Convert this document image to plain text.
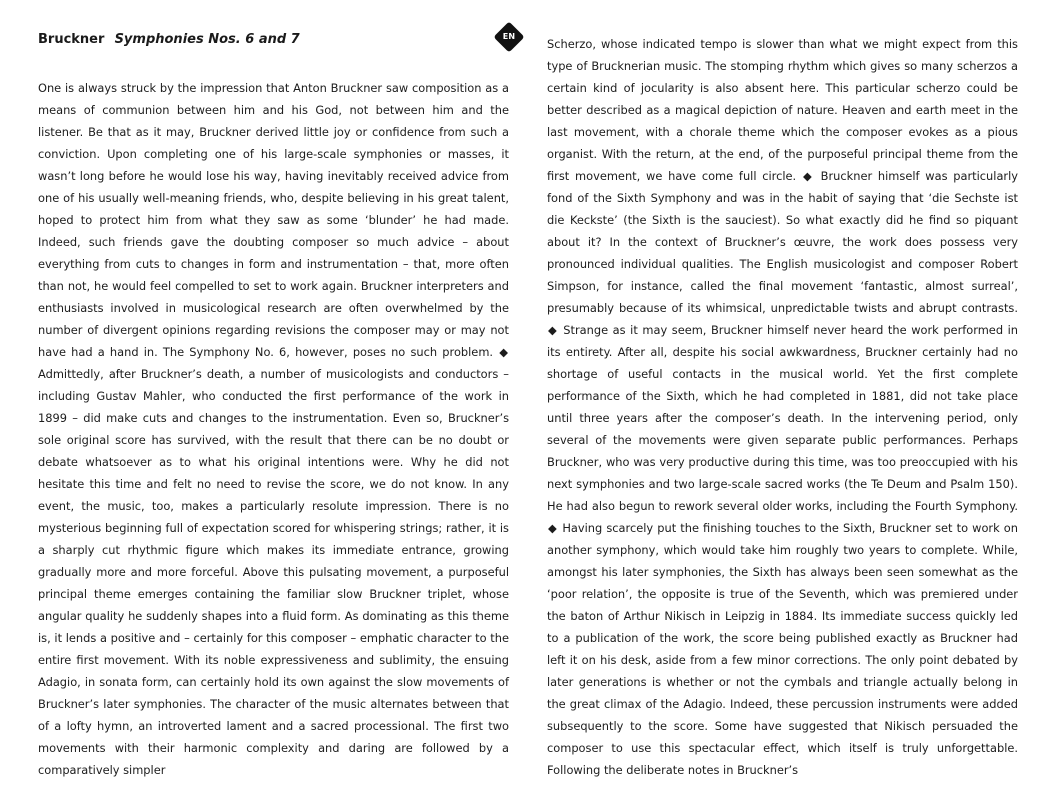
Bruckner Symphonies Nos. 6 and 7	EN

One is always struck by the impression that Anton Bruckner saw composition as a means of communion between him and his God, not between him and the listener. Be that as it may, Bruckner derived little joy or confidence from such a conviction. Upon completing one of his large-scale symphonies or masses, it wasn’t long before he would lose his way, having inevitably received advice from one of his usually well-meaning friends, who, despite believing in his great talent, hoped to protect him from what they saw as some ‘blunder’ he had made. Indeed, such friends gave the doubting composer so much advice – about everything from cuts to changes in form and instrumentation – that, more often than not, he would feel compelled to set to work again. Bruckner interpreters and enthusiasts involved in musicological research are often overwhelmed by the number of divergent opinions regarding revisions the composer may or may not have had a hand in. The Symphony No. 6, however, poses no such problem. ◆ Admittedly, after Bruckner’s death, a number of musicologists and conductors – including Gustav Mahler, who conducted the first performance of the work in 1899 – did make cuts and changes to the instrumentation. Even so, Bruckner’s sole original score has survived, with the result that there can be no doubt or debate whatsoever as to what his original intentions were. Why he did not hesitate this time and felt no need to revise the score, we do not know. In any event, the music, too, makes a particularly resolute impression. There is no mysterious beginning full of expectation scored for whispering strings; rather, it is a sharply cut rhythmic figure which makes its immediate entrance, growing gradually more and more forceful. Above this pulsating movement, a purposeful principal theme emerges containing the familiar slow Bruckner triplet, whose angular quality he suddenly shapes into a fluid form. As dominating as this theme is, it lends a positive and – certainly for this composer – emphatic character to the entire first movement. With its noble expressiveness and sublimity, the ensuing Adagio, in sonata form, can certainly hold its own against the slow movements of Bruckner’s later symphonies. The character of the music alternates between that of a lofty hymn, an introverted lament and a sacred processional. The first two movements with their harmonic complexity and daring are followed by a comparatively simpler

Scherzo, whose indicated tempo is slower than what we might expect from this type of Brucknerian music. The stomping rhythm which gives so many scherzos a certain kind of jocularity is also absent here. This particular scherzo could be better described as a magical depiction of nature. Heaven and earth meet in the last movement, with a chorale theme which the composer evokes as a pious organist. With the return, at the end, of the purposeful principal theme from the first movement, we have come full circle. ◆ Bruckner himself was particularly fond of the Sixth Symphony and was in the habit of saying that ‘die Sechste ist die Keckste’ (the Sixth is the sauciest). So what exactly did he find so piquant about it? In the context of Bruckner’s œuvre, the work does possess very pronounced individual qualities. The English musicologist and composer Robert Simpson, for instance, called the final movement ‘fantastic, almost surreal’, presumably because of its whimsical, unpredictable twists and abrupt contrasts. ◆ Strange as it may seem, Bruckner himself never heard the work performed in its entirety. After all, despite his social awkwardness, Bruckner certainly had no shortage of useful contacts in the musical world. Yet the first complete performance of the Sixth, which he had completed in 1881, did not take place until three years after the composer’s death. In the intervening period, only several of the movements were given separate public performances. Perhaps Bruckner, who was very productive during this time, was too preoccupied with his next symphonies and two large-scale sacred works (the Te Deum and Psalm 150). He had also begun to rework several older works, including the Fourth Symphony. ◆ Having scarcely put the finishing touches to the Sixth, Bruckner set to work on another symphony, which would take him roughly two years to complete. While, amongst his later symphonies, the Sixth has always been seen somewhat as the ‘poor relation’, the opposite is true of the Seventh, which was premiered under the baton of Arthur Nikisch in Leipzig in 1884. Its immediate success quickly led to a publication of the work, the score being published exactly as Bruckner had left it on his desk, aside from a few minor corrections. The only point debated by later generations is whether or not the cymbals and triangle actually belong in the great climax of the Adagio. Indeed, these percussion instruments were added subsequently to the score. Some have suggested that Nikisch persuaded the composer to use this spectacular effect, which itself is truly unforgettable. Following the deliberate notes in Bruckner’s
